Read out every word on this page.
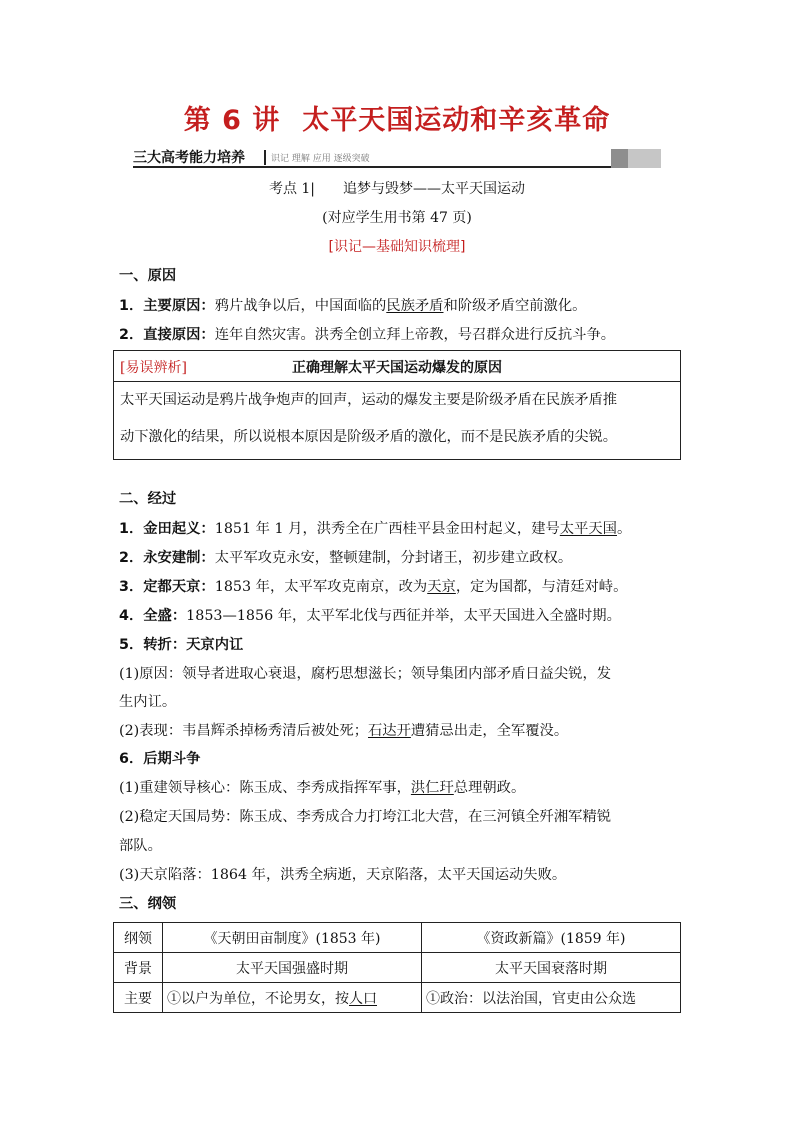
第 6 讲 太平天国运动和辛亥革命
三大高考能力培养	识记 理解 应用 逐级突破
考点 1| 追梦与毁梦——太平天国运动
(对应学生用书第 47 页)
[识记—基础知识梳理]
一、原因
1．主要原因：鸦片战争以后，中国面临的民族矛盾和阶级矛盾空前激化。
2．直接原因：连年自然灾害。洪秀全创立拜上帝教，号召群众进行反抗斗争。
正确理解太平天国运动爆发的原因
[易误辨析]
太平天国运动是鸦片战争炮声的回声，运动的爆发主要是阶级矛盾在民族矛盾推
动下激化的结果，所以说根本原因是阶级矛盾的激化，而不是民族矛盾的尖锐。
二、经过
1．金田起义：1851 年 1 月，洪秀全在广西桂平县金田村起义，建号太平天国。
2．永安建制：太平军攻克永安，整顿建制，分封诸王，初步建立政权。
3．定都天京：1853 年，太平军攻克南京，改为天京，定为国都，与清廷对峙。
4．全盛：1853—1856 年，太平军北伐与西征并举，太平天国进入全盛时期。
5．转折：天京内讧
(1)原因：领导者进取心衰退，腐朽思想滋长；领导集团内部矛盾日益尖锐，发
生内讧。
(2)表现：韦昌辉杀掉杨秀清后被处死；石达开遭猜忌出走，全军覆没。
6．后期斗争
(1)重建领导核心：陈玉成、李秀成指挥军事，洪仁玕总理朝政。
(2)稳定天国局势：陈玉成、李秀成合力打垮江北大营，在三河镇全歼湘军精锐
部队。
(3)天京陷落：1864 年，洪秀全病逝，天京陷落，太平天国运动失败。
三、纲领
纲领	《天朝田亩制度》(1853 年)	《资政新篇》(1859 年)
背景	太平天国强盛时期	太平天国衰落时期
主要	①以户为单位，不论男女，按人口	①政治：以法治国，官吏由公众选
